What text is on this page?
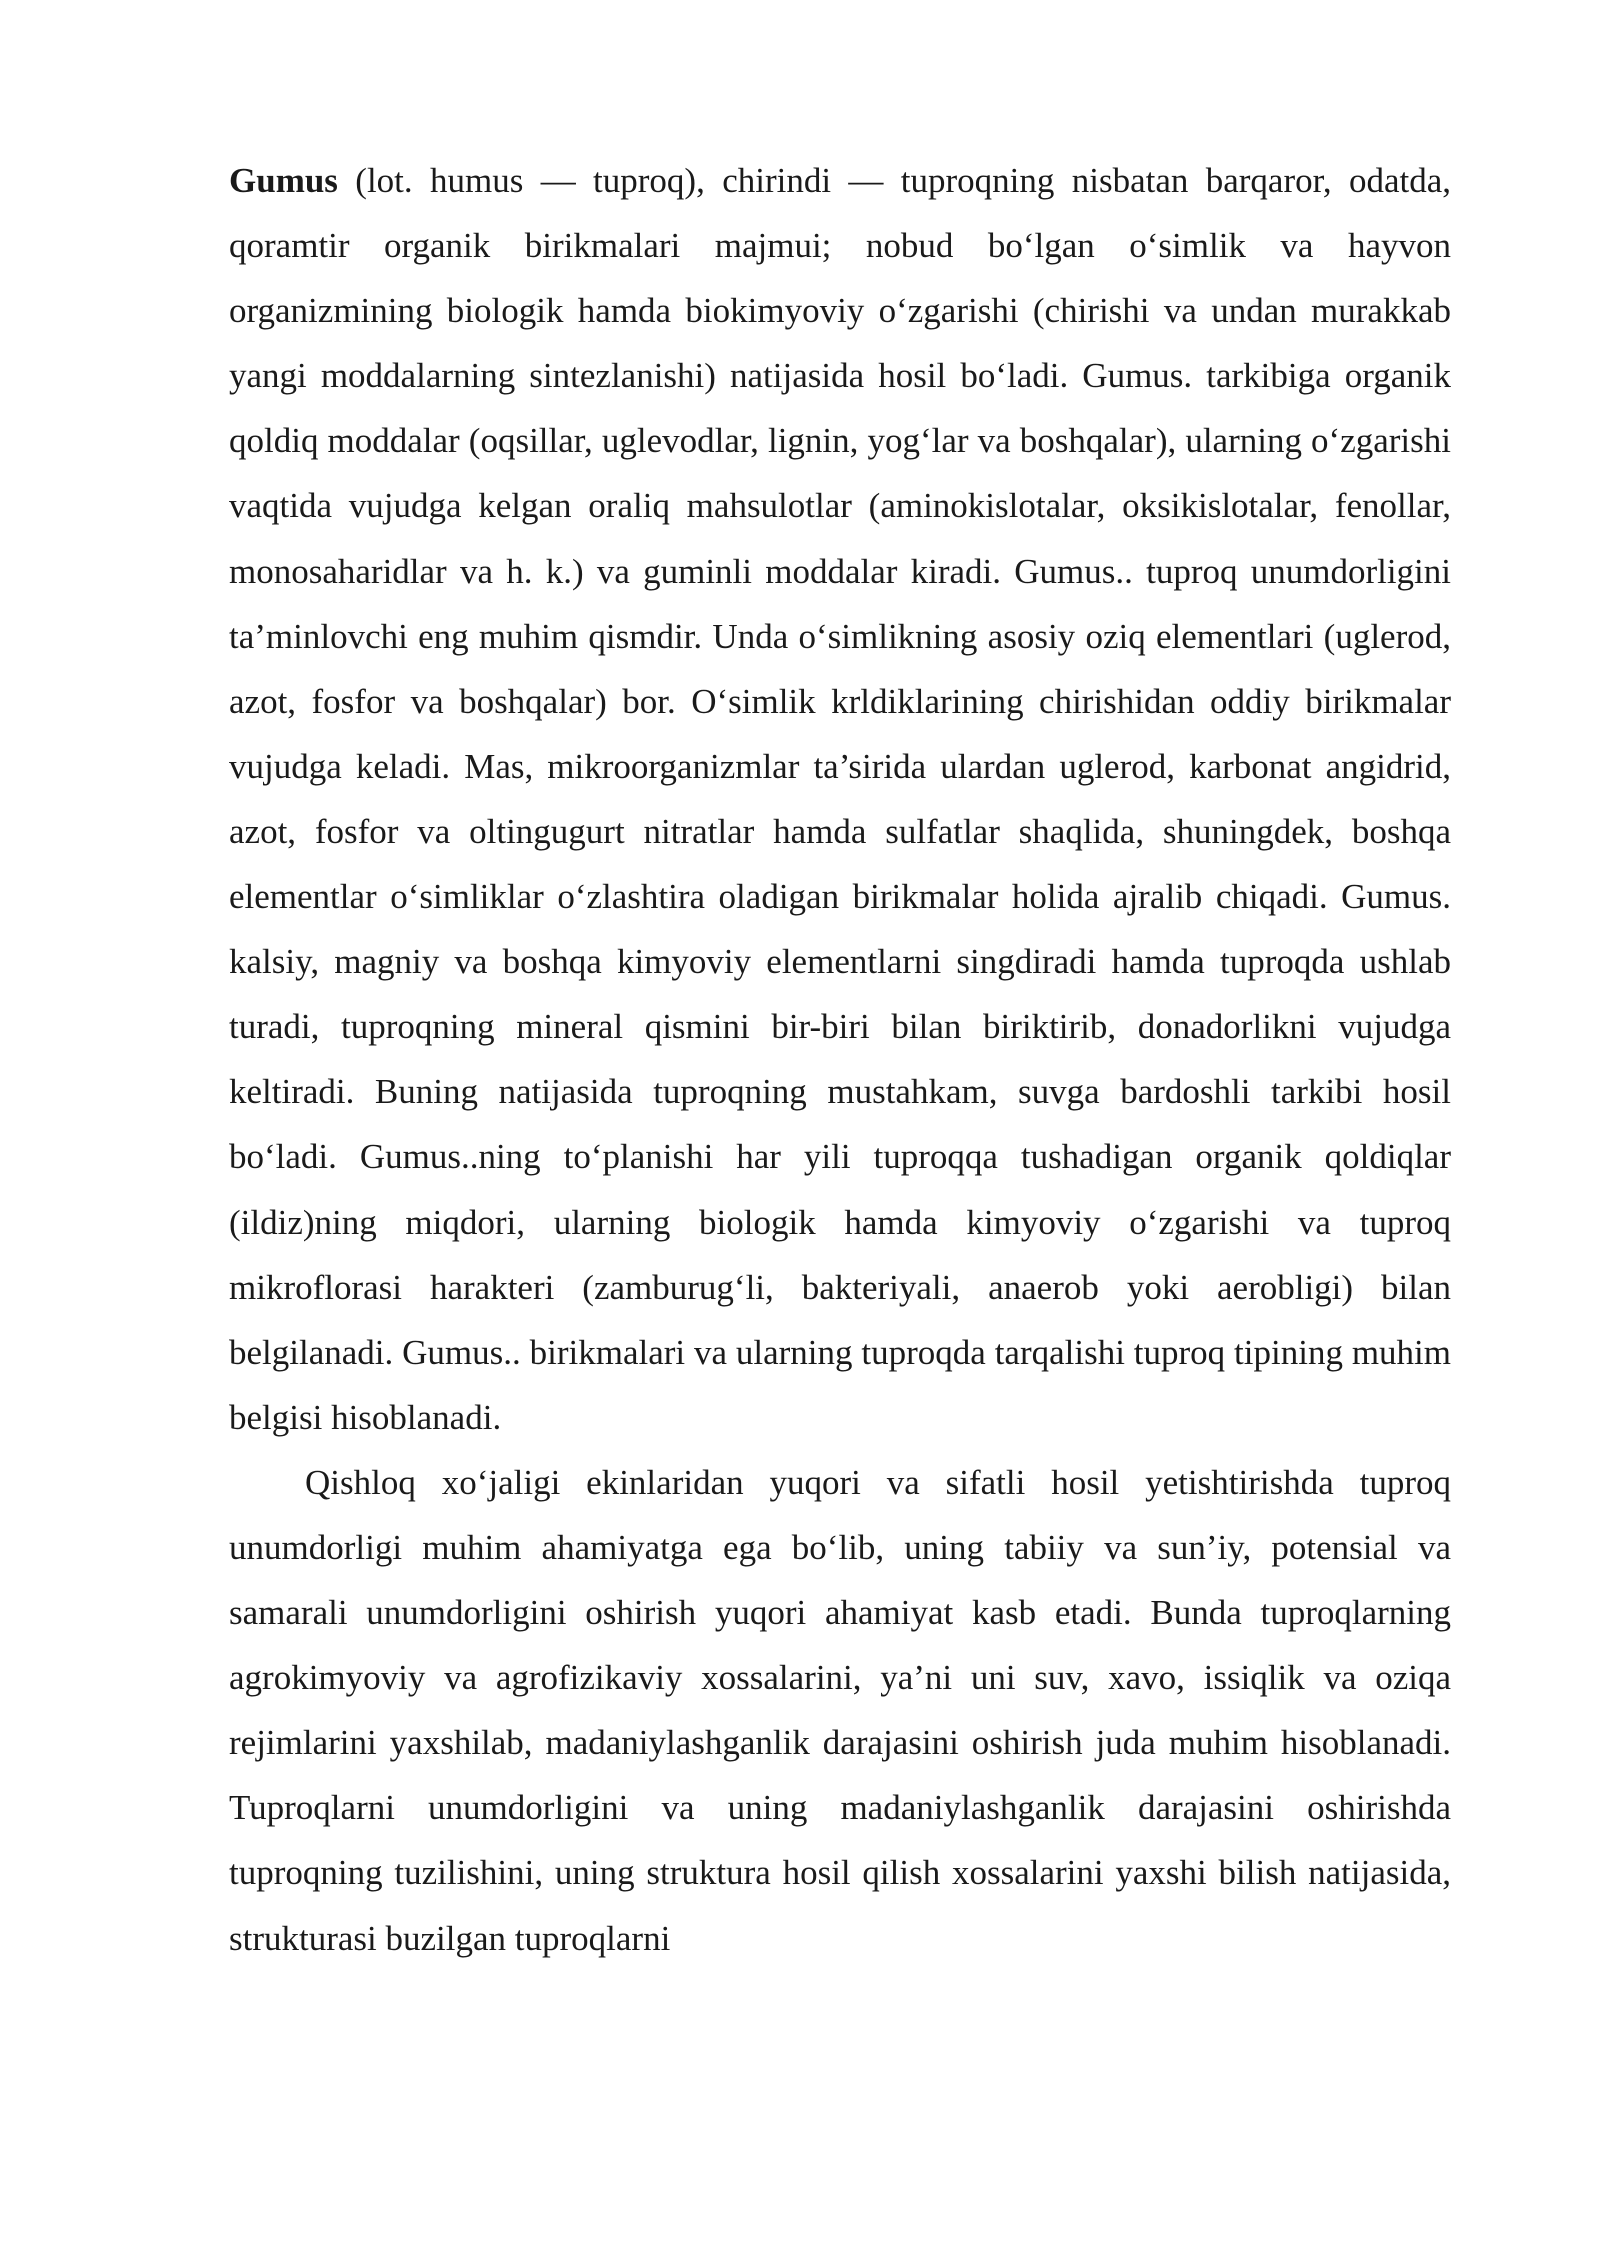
Gumus (lot. humus — tuproq), chirindi — tuproqning nisbatan barqaror, odatda, qoramtir organik birikmalari majmui; nobud bo‘lgan o‘simlik va hayvon organizmining biologik hamda biokimyoviy o‘zgarishi (chirishi va undan murakkab yangi moddalarning sintezlanishi) natijasida hosil bo‘ladi. Gumus. tarkibiga organik qoldiq moddalar (oqsillar, uglevodlar, lignin, yog‘lar va boshqalar), ularning o‘zgarishi vaqtida vujudga kelgan oraliq mahsulotlar (aminokislotalar, oksikislotalar, fenollar, monosaharidlar va h. k.) va guminli moddalar kiradi. Gumus.. tuproq unumdorligini ta’minlovchi eng muhim qismdir. Unda o‘simlikning asosiy oziq elementlari (uglerod, azot, fosfor va boshqalar) bor. O‘simlik krldiklarining chirishidan oddiy birikmalar vujudga keladi. Mas, mikroorganizmlar ta’sirida ulardan uglerod, karbonat angidrid, azot, fosfor va oltingugurt nitratlar hamda sulfatlar shaqlida, shuningdek, boshqa elementlar o‘simliklar o‘zlashtira oladigan birikmalar holida ajralib chiqadi. Gumus. kalsiy, magniy va boshqa kimyoviy elementlarni singdiradi hamda tuproqda ushlab turadi, tuproqning mineral qismini bir-biri bilan biriktirib, donadorlikni vujudga keltiradi. Buning natijasida tuproqning mustahkam, suvga bardoshli tarkibi hosil bo‘ladi. Gumus..ning to‘planishi har yili tuproqqa tushadigan organik qoldiqlar (ildiz)ning miqdori, ularning biologik hamda kimyoviy o‘zgarishi va tuproq mikroflorasi harakteri (zamburug‘li, bakteriyali, anaerob yoki aerobligi) bilan belgilanadi. Gumus.. birikmalari va ularning tuproqda tarqalishi tuproq tipining muhim belgisi hisoblanadi.

Qishloq xo‘jaligi ekinlaridan yuqori va sifatli hosil yetishtirishda tuproq unumdorligi muhim ahamiyatga ega bo‘lib, uning tabiiy va sun’iy, potensial va samarali unumdorligini oshirish yuqori ahamiyat kasb etadi. Bunda tuproqlarning agrokimyoviy va agrofizikaviy xossalarini, ya’ni uni suv, xavo, issiqlik va oziqa rejimlarini yaxshilab, madaniylashganlik darajasini oshirish juda muhim hisoblanadi. Tuproqlarni unumdorligini va uning madaniylashganlik darajasini oshirishda tuproqning tuzilishini, uning struktura hosil qilish xossalarini yaxshi bilish natijasida, strukturasi buzilgan tuproqlarni
